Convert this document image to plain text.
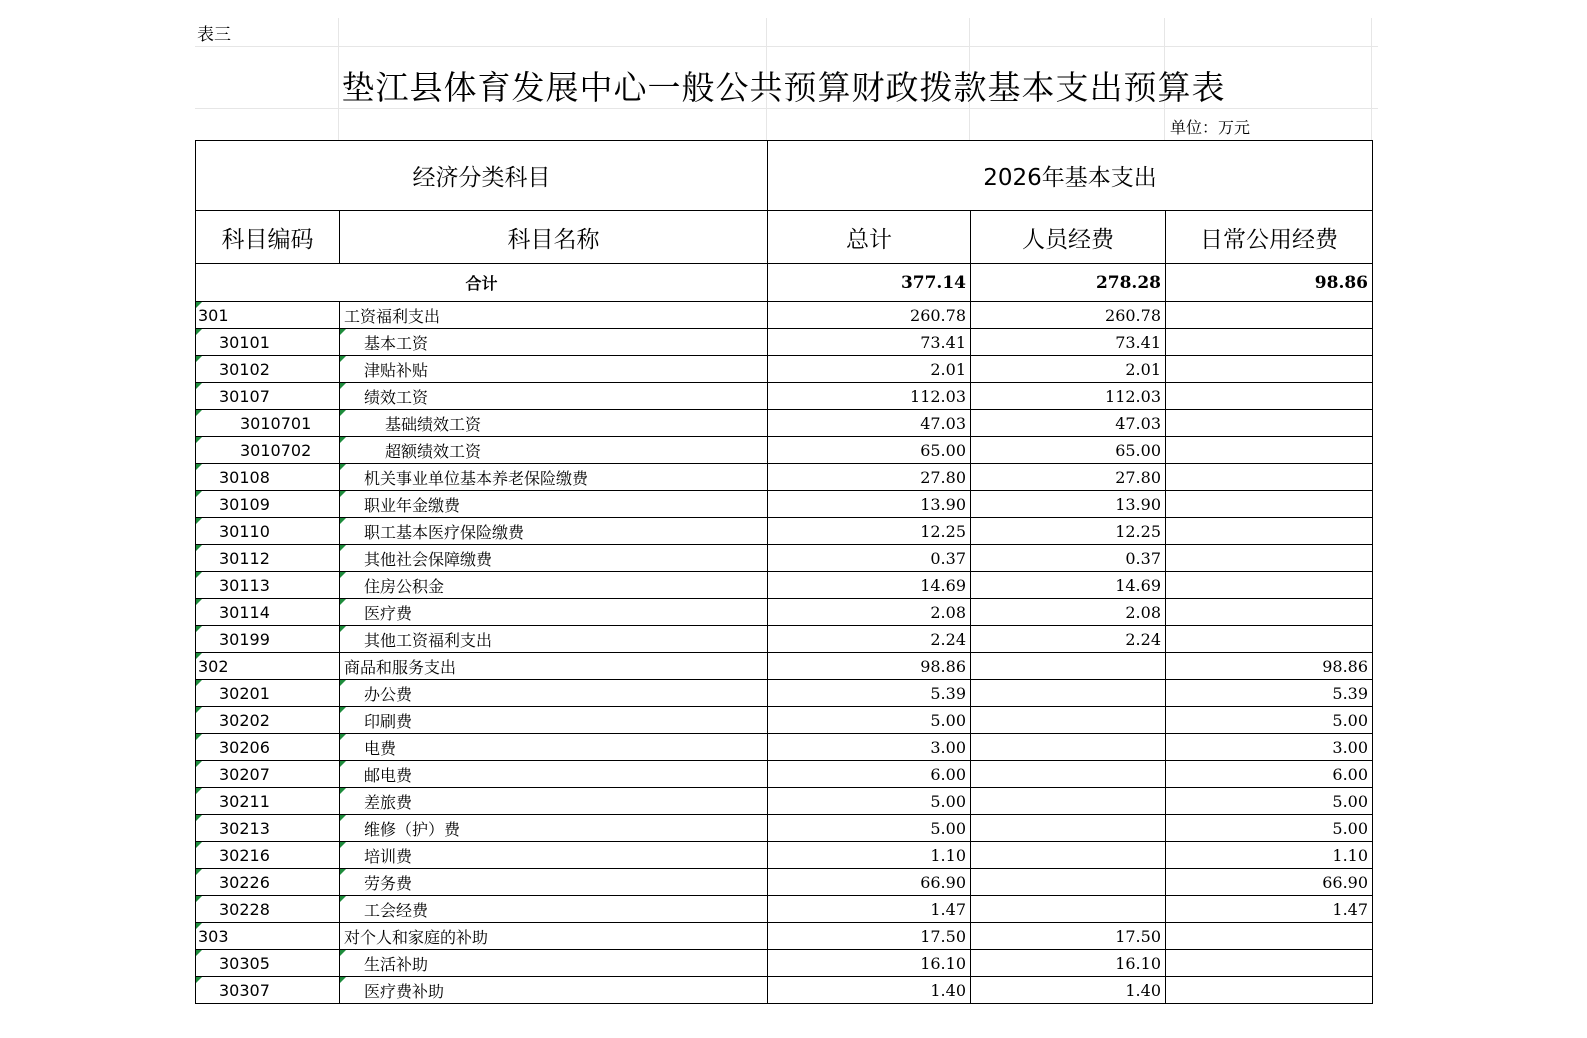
表三
垫江县体育发展中心一般公共预算财政拨款基本支出预算表
单位：万元
经济分类科目		2026年基本支出		
科目编码	科目名称	总计	人员经费	日常公用经费
合计		377.14	278.28	98.86
301	工资福利支出	260.78	260.78	
30101	基本工资	73.41	73.41	
30102	津贴补贴	2.01	2.01	
30107	绩效工资	112.03	112.03	
3010701	基础绩效工资	47.03	47.03	
3010702	超额绩效工资	65.00	65.00	
30108	机关事业单位基本养老保险缴费	27.80	27.80	
30109	职业年金缴费	13.90	13.90	
30110	职工基本医疗保险缴费	12.25	12.25	
30112	其他社会保障缴费	0.37	0.37	
30113	住房公积金	14.69	14.69	
30114	医疗费	2.08	2.08	
30199	其他工资福利支出	2.24	2.24	
302	商品和服务支出	98.86		98.86
30201	办公费	5.39		5.39
30202	印刷费	5.00		5.00
30206	电费	3.00		3.00
30207	邮电费	6.00		6.00
30211	差旅费	5.00		5.00
30213	维修（护）费	5.00		5.00
30216	培训费	1.10		1.10
30226	劳务费	66.90		66.90
30228	工会经费	1.47		1.47
303	对个人和家庭的补助	17.50	17.50	
30305	生活补助	16.10	16.10	
30307	医疗费补助	1.40	1.40	
